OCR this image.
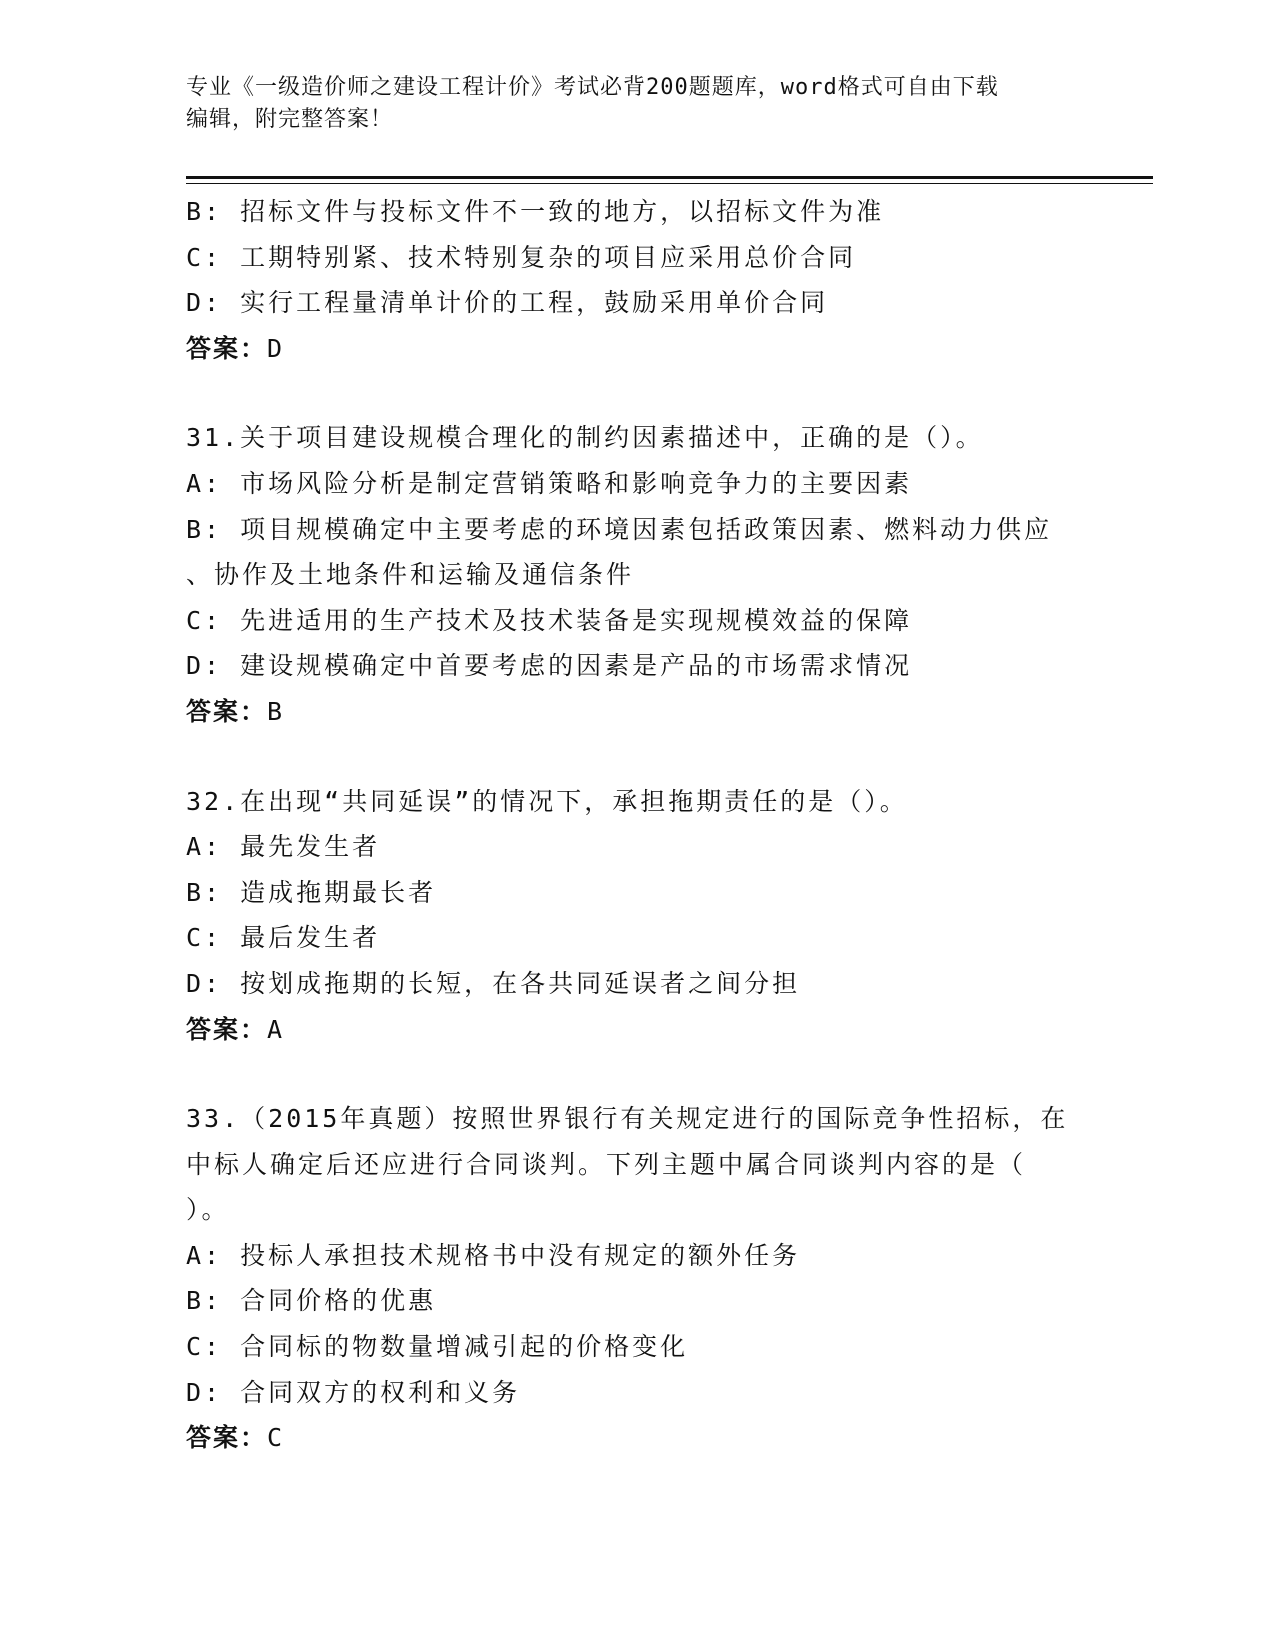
专业《一级造价师之建设工程计价》考试必背200题题库，word格式可自由下载
编辑，附完整答案！
B: 招标文件与投标文件不一致的地方，以招标文件为准
C: 工期特别紧、技术特别复杂的项目应采用总价合同
D: 实行工程量清单计价的工程，鼓励采用单价合同
答案：D
31.关于项目建设规模合理化的制约因素描述中，正确的是（）。
A: 市场风险分析是制定营销策略和影响竞争力的主要因素
B: 项目规模确定中主要考虑的环境因素包括政策因素、燃料动力供应
、协作及土地条件和运输及通信条件
C: 先进适用的生产技术及技术装备是实现规模效益的保障
D: 建设规模确定中首要考虑的因素是产品的市场需求情况
答案：B
32.在出现“共同延误”的情况下，承担拖期责任的是（）。
A: 最先发生者
B: 造成拖期最长者
C: 最后发生者
D: 按划成拖期的长短，在各共同延误者之间分担
答案：A
33.（2015年真题）按照世界银行有关规定进行的国际竞争性招标，在
中标人确定后还应进行合同谈判。下列主题中属合同谈判内容的是（
）。
A: 投标人承担技术规格书中没有规定的额外任务
B: 合同价格的优惠
C: 合同标的物数量增减引起的价格变化
D: 合同双方的权利和义务
答案：C
